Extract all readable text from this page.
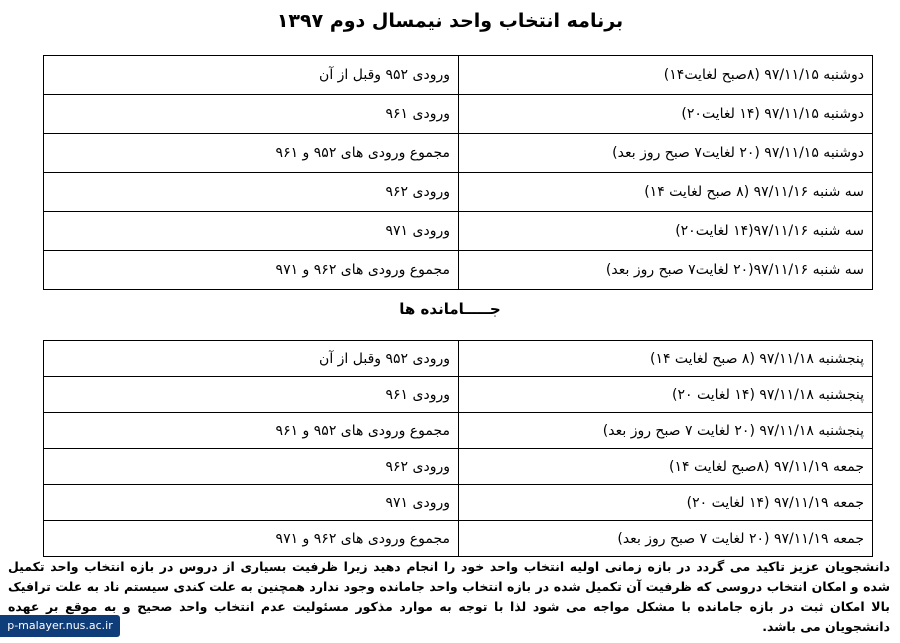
برنامه انتخاب واحد نیمسال دوم ۱۳۹۷
دوشنبه ۹۷/۱۱/۱۵ (۸صبح لغایت۱۴)	ورودی ۹۵۲ وقبل از آن
دوشنبه ۹۷/۱۱/۱۵ (۱۴ لغایت۲۰)	ورودی ۹۶۱
دوشنبه ۹۷/۱۱/۱۵ (۲۰ لغایت۷ صبح روز بعد)	مجموع ورودی های ۹۵۲ و ۹۶۱
سه شنبه ۹۷/۱۱/۱۶ (۸ صبح لغایت ۱۴)	ورودی ۹۶۲
سه شنبه ۹۷/۱۱/۱۶(۱۴ لغایت۲۰)	ورودی ۹۷۱
سه شنبه ۹۷/۱۱/۱۶(۲۰ لغایت۷ صبح روز بعد)	مجموع ورودی های ۹۶۲ و ۹۷۱
جـــــامانده ها
پنجشنبه ۹۷/۱۱/۱۸ (۸ صبح لغایت ۱۴)	ورودی ۹۵۲ وقبل از آن
پنجشنبه ۹۷/۱۱/۱۸ (۱۴ لغایت ۲۰)	ورودی ۹۶۱
پنجشنبه ۹۷/۱۱/۱۸ (۲۰ لغایت ۷ صبح روز بعد)	مجموع ورودی های ۹۵۲ و ۹۶۱
جمعه ۹۷/۱۱/۱۹ (۸صبح لغایت ۱۴)	ورودی ۹۶۲
جمعه ۹۷/۱۱/۱۹ (۱۴ لغایت ۲۰)	ورودی ۹۷۱
جمعه ۹۷/۱۱/۱۹ (۲۰ لغایت ۷ صبح روز بعد)	مجموع ورودی های ۹۶۲ و ۹۷۱
دانشجویان عزیز تاکید می گردد در بازه زمانی اولیه انتخاب واحد خود را انجام دهید زیرا ظرفیت بسیاری از دروس در بازه انتخاب واحد تکمیل شده و امکان انتخاب دروسی که ظرفیت آن تکمیل شده در بازه انتخاب واحد جامانده وجود ندارد همچنین به علت کندی سیستم ناد به علت ترافیک بالا امکان ثبت در بازه جامانده با مشکل مواجه می شود لذا با توجه به موارد مذکور مسئولیت عدم انتخاب واحد صحیح و به موقع بر عهده دانشجویان می باشد.
p-malayer.nus.ac.ir
